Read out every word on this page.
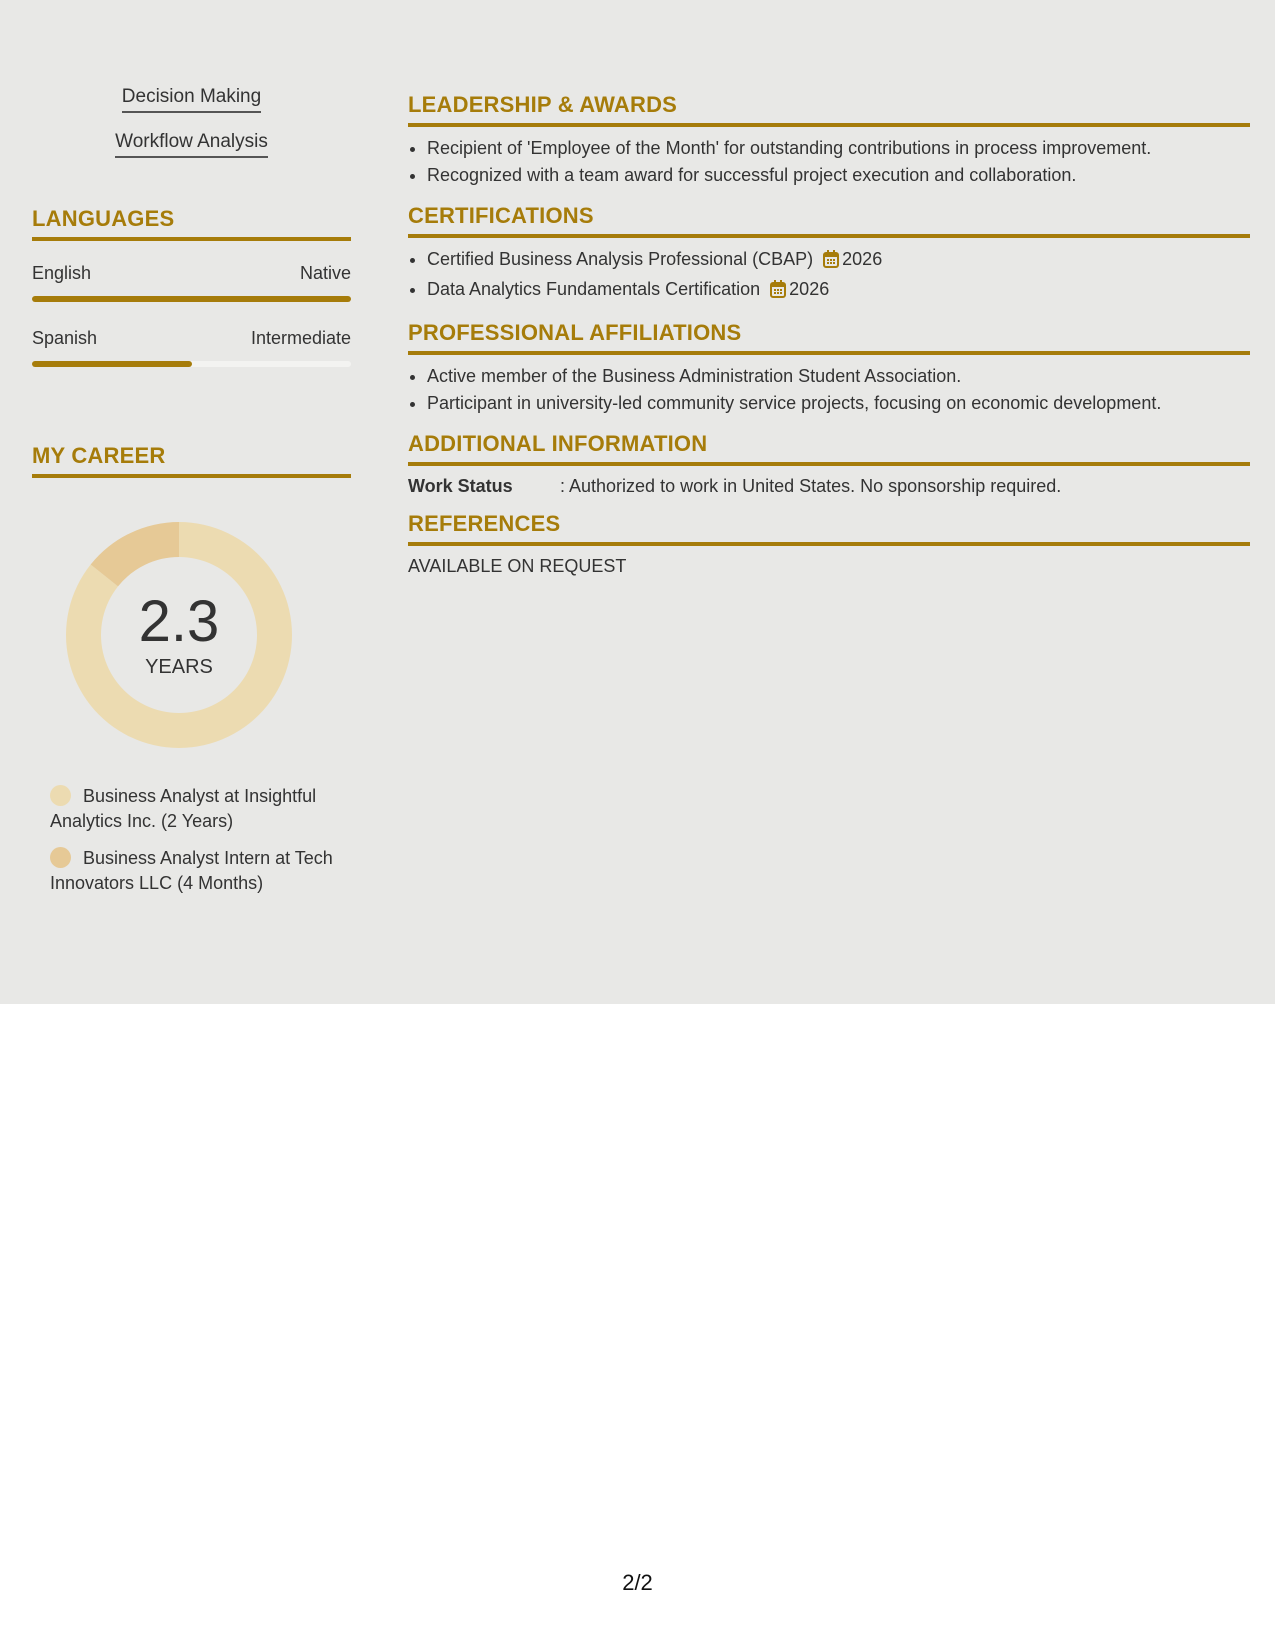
Decision Making
Workflow Analysis
LANGUAGES
English	Native
Spanish	Intermediate
MY CAREER
2.3
YEARS
Business Analyst at Insightful Analytics Inc. (2 Years)
Business Analyst Intern at Tech Innovators LLC (4 Months)
LEADERSHIP & AWARDS
• Recipient of 'Employee of the Month' for outstanding contributions in process improvement.
• Recognized with a team award for successful project execution and collaboration.
CERTIFICATIONS
• Certified Business Analysis Professional (CBAP) 2026
• Data Analytics Fundamentals Certification 2026
PROFESSIONAL AFFILIATIONS
• Active member of the Business Administration Student Association.
• Participant in university-led community service projects, focusing on economic development.
ADDITIONAL INFORMATION
Work Status	: Authorized to work in United States. No sponsorship required.
REFERENCES
AVAILABLE ON REQUEST
2/2
